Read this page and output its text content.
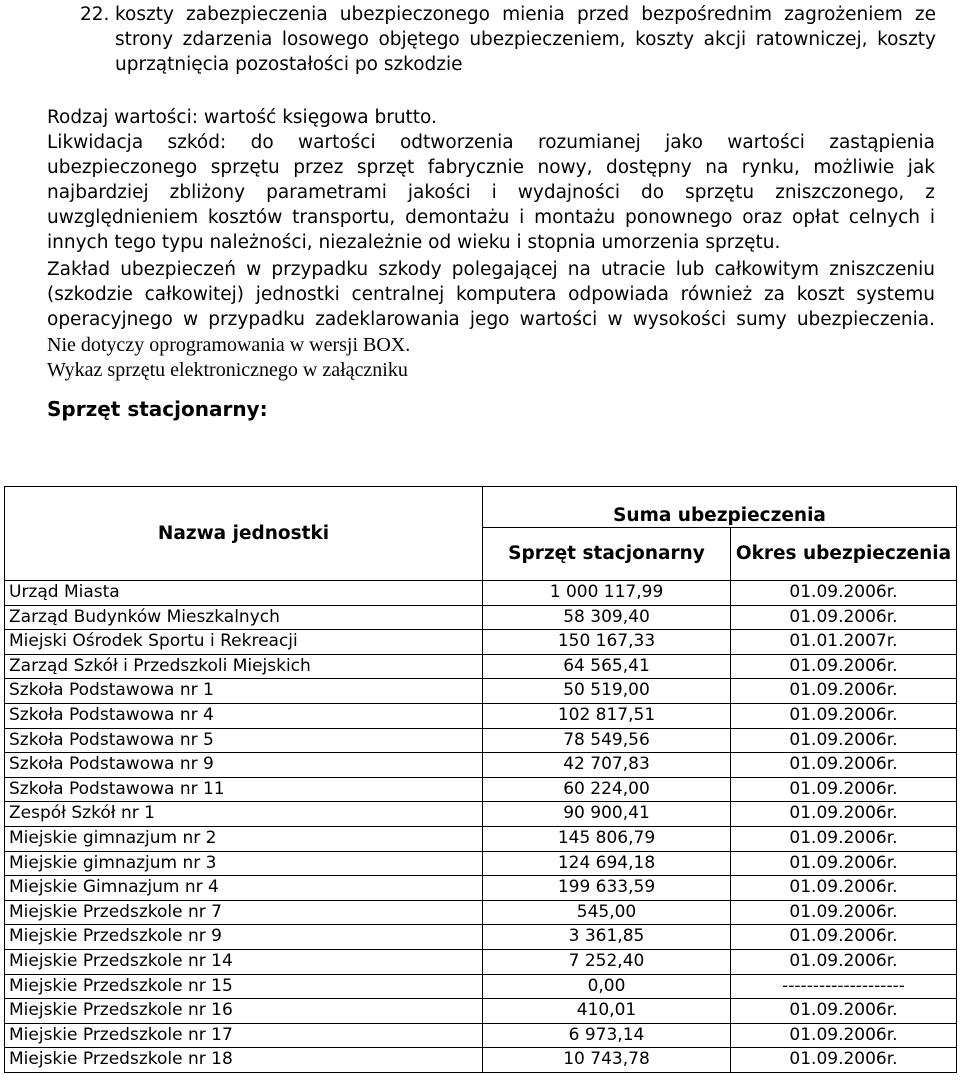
22. koszty zabezpieczenia ubezpieczonego mienia przed bezpośrednim zagrożeniem ze strony zdarzenia losowego objętego ubezpieczeniem, koszty akcji ratowniczej, koszty uprzątnięcia pozostałości po szkodzie

Rodzaj wartości: wartość księgowa brutto.

Likwidacja szkód: do wartości odtworzenia rozumianej jako wartości zastąpienia ubezpieczonego sprzętu przez sprzęt fabrycznie nowy, dostępny na rynku, możliwie jak najbardziej zbliżony parametrami jakości i wydajności do sprzętu zniszczonego, z uwzględnieniem kosztów transportu, demontażu i montażu ponownego oraz opłat celnych i innych tego typu należności, niezależnie od wieku i stopnia umorzenia sprzętu.

Zakład ubezpieczeń w przypadku szkody polegającej na utracie lub całkowitym zniszczeniu (szkodzie całkowitej) jednostki centralnej komputera odpowiada również za koszt systemu operacyjnego w przypadku zadeklarowania jego wartości w wysokości sumy ubezpieczenia.

Nie dotyczy oprogramowania w wersji BOX.

Wykaz sprzętu elektronicznego w załączniku

Sprzęt stacjonarny:
Nazwa jednostki	Suma ubezpieczenia	
	Sprzęt stacjonarny	Okres ubezpieczenia
Urząd Miasta	1 000 117,99	01.09.2006r.
Zarząd Budynków Mieszkalnych	58 309,40	01.09.2006r.
Miejski Ośrodek Sportu i Rekreacji	150 167,33	01.01.2007r.
Zarząd Szkół i Przedszkoli Miejskich	64 565,41	01.09.2006r.
Szkoła Podstawowa nr 1	50 519,00	01.09.2006r.
Szkoła Podstawowa nr 4	102 817,51	01.09.2006r.
Szkoła Podstawowa nr 5	78 549,56	01.09.2006r.
Szkoła Podstawowa nr 9	42 707,83	01.09.2006r.
Szkoła Podstawowa nr 11	60 224,00	01.09.2006r.
Zespół Szkół nr 1	90 900,41	01.09.2006r.
Miejskie gimnazjum nr 2	145 806,79	01.09.2006r.
Miejskie gimnazjum nr 3	124 694,18	01.09.2006r.
Miejskie Gimnazjum nr 4	199 633,59	01.09.2006r.
Miejskie Przedszkole nr 7	545,00	01.09.2006r.
Miejskie Przedszkole nr 9	3 361,85	01.09.2006r.
Miejskie Przedszkole nr 14	7 252,40	01.09.2006r.
Miejskie Przedszkole nr 15	0,00	--------------------
Miejskie Przedszkole nr 16	410,01	01.09.2006r.
Miejskie Przedszkole nr 17	6 973,14	01.09.2006r.
Miejskie Przedszkole nr 18	10 743,78	01.09.2006r.
